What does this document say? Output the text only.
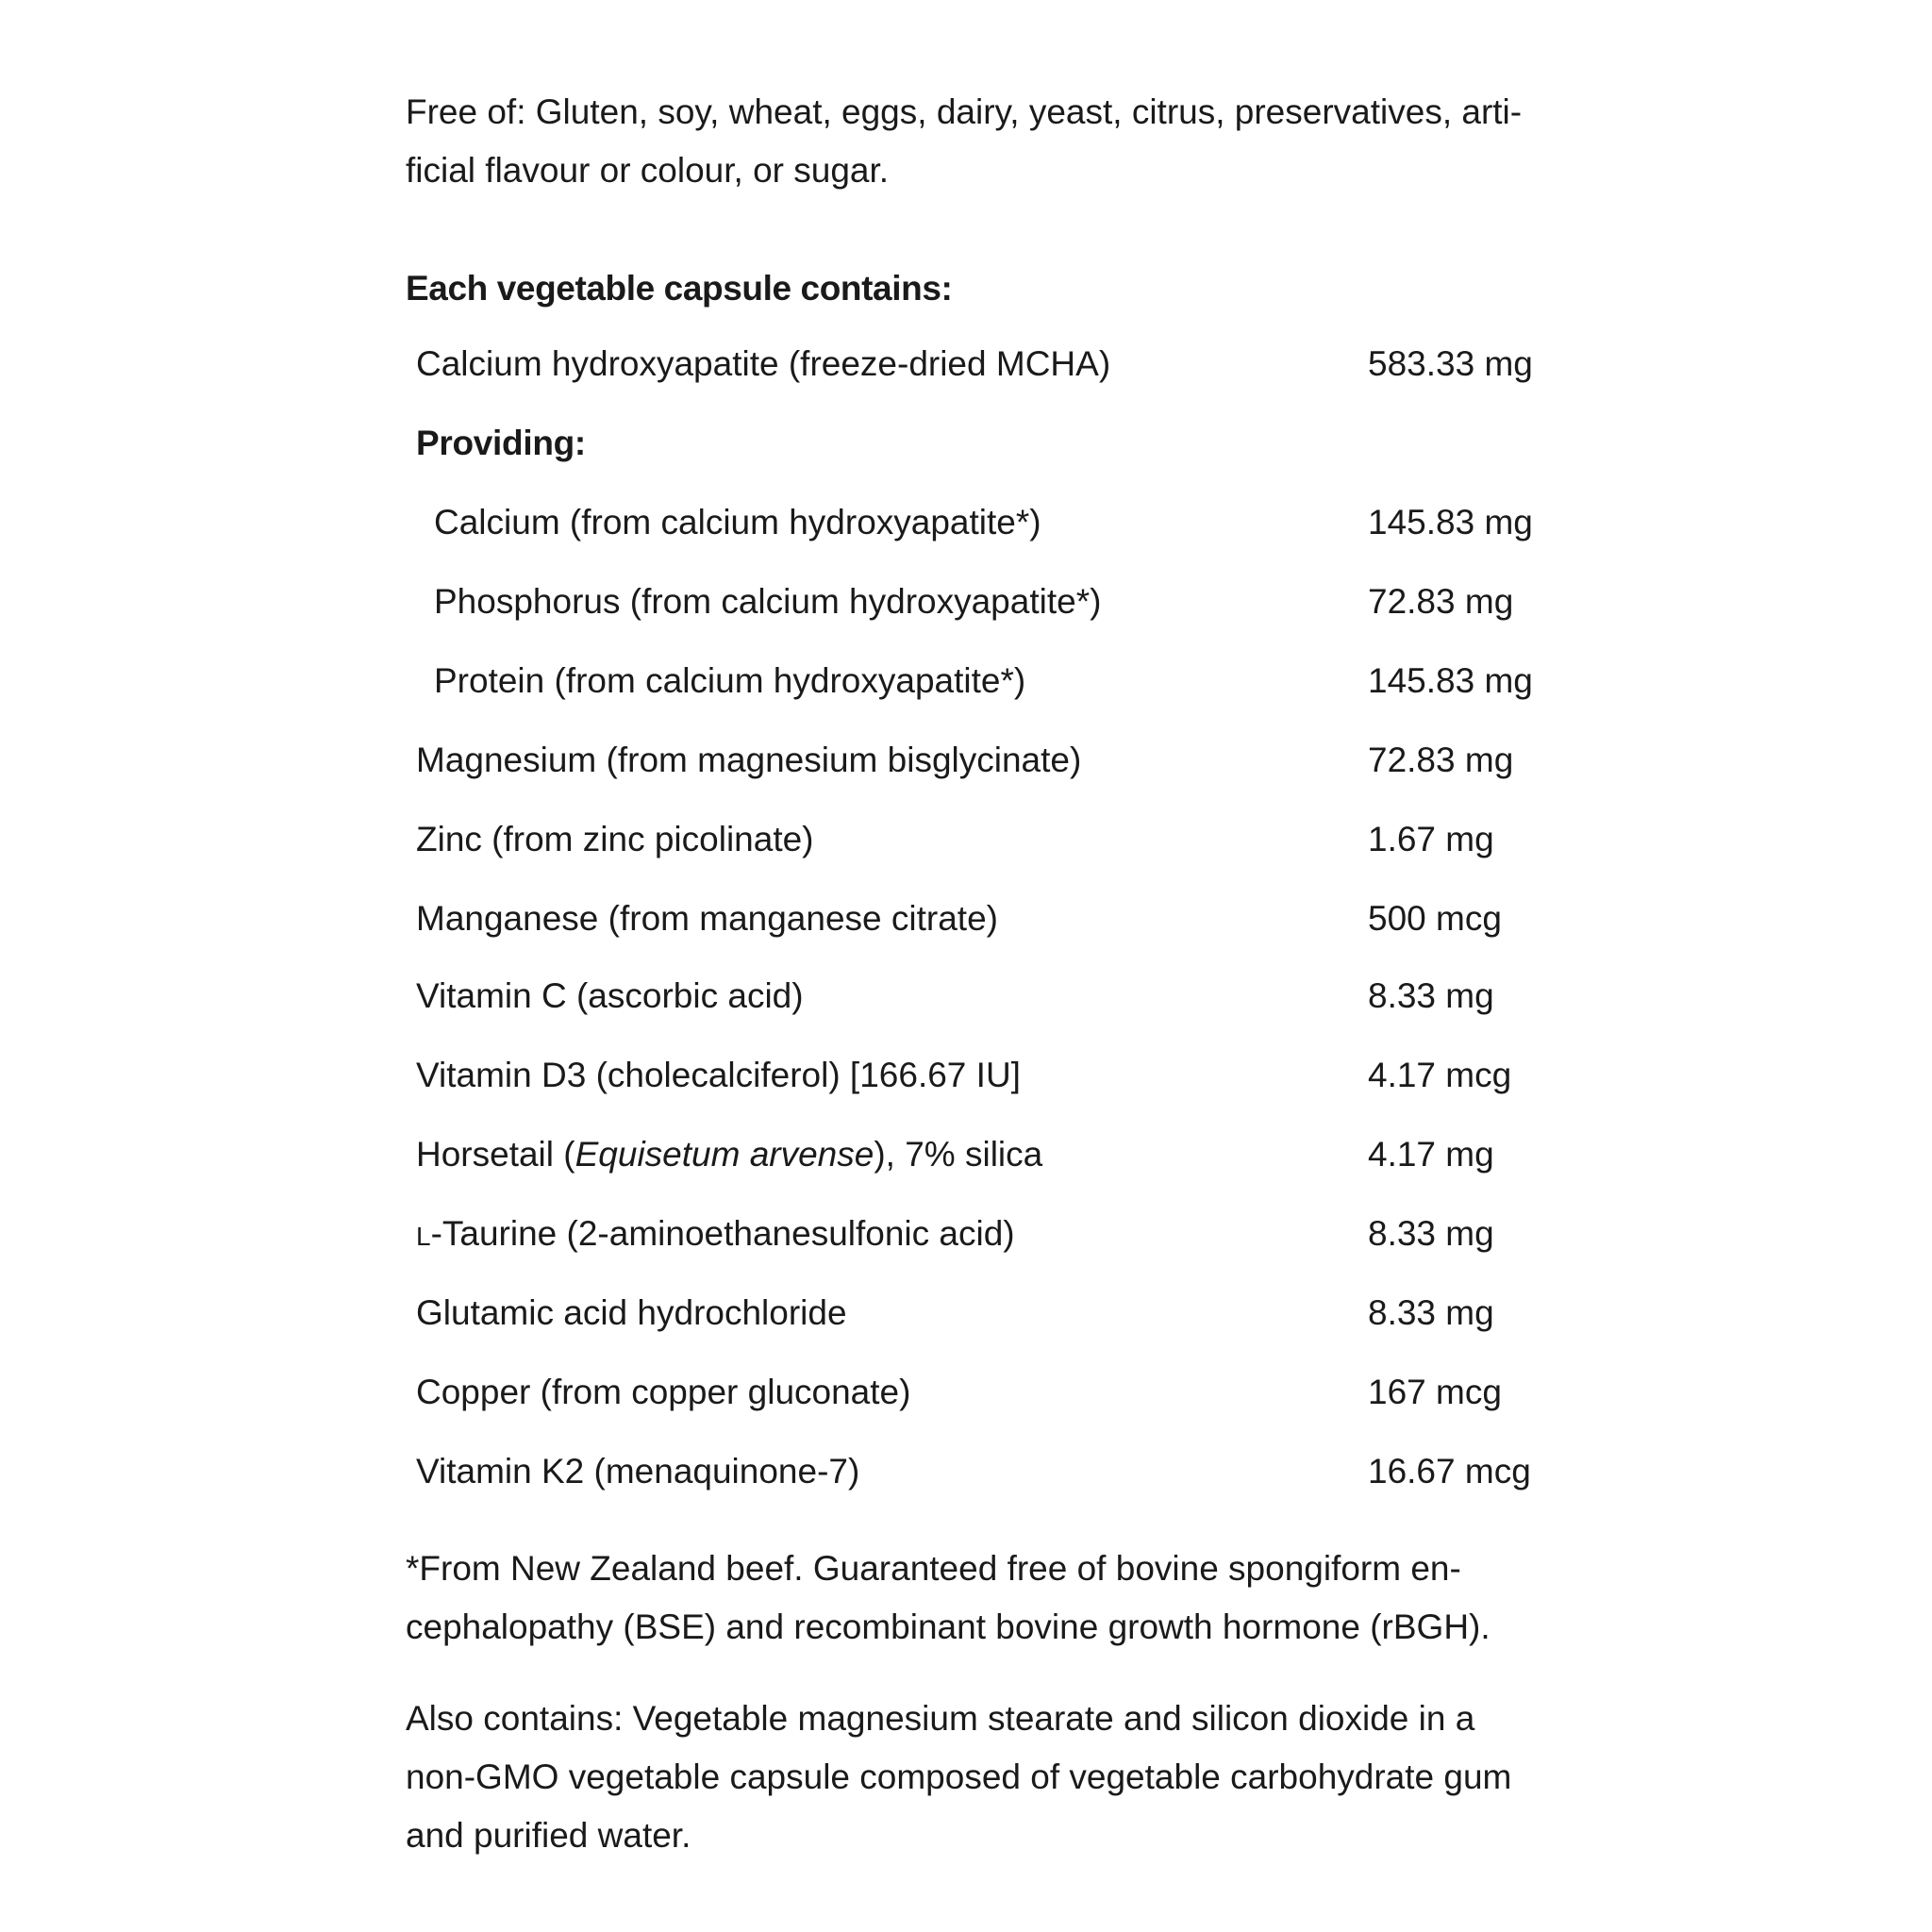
Free of: Gluten, soy, wheat, eggs, dairy, yeast, citrus, preservatives, arti-
ficial flavour or colour, or sugar.

Each vegetable capsule contains:
Calcium hydroxyapatite (freeze-dried MCHA)	583.33 mg
Providing:
Calcium (from calcium hydroxyapatite*)	145.83 mg
Phosphorus (from calcium hydroxyapatite*)	72.83 mg
Protein (from calcium hydroxyapatite*)	145.83 mg
Magnesium (from magnesium bisglycinate)	72.83 mg
Zinc (from zinc picolinate)	1.67 mg
Manganese (from manganese citrate)	500 mcg
Vitamin C (ascorbic acid)	8.33 mg
Vitamin D3 (cholecalciferol) [166.67 IU]	4.17 mcg
Horsetail (Equisetum arvense), 7% silica	4.17 mg
L-Taurine (2-aminoethanesulfonic acid)	8.33 mg
Glutamic acid hydrochloride	8.33 mg
Copper (from copper gluconate)	167 mcg
Vitamin K2 (menaquinone-7)	16.67 mcg

*From New Zealand beef. Guaranteed free of bovine spongiform en-
cephalopathy (BSE) and recombinant bovine growth hormone (rBGH).

Also contains: Vegetable magnesium stearate and silicon dioxide in a
non-GMO vegetable capsule composed of vegetable carbohydrate gum
and purified water.
